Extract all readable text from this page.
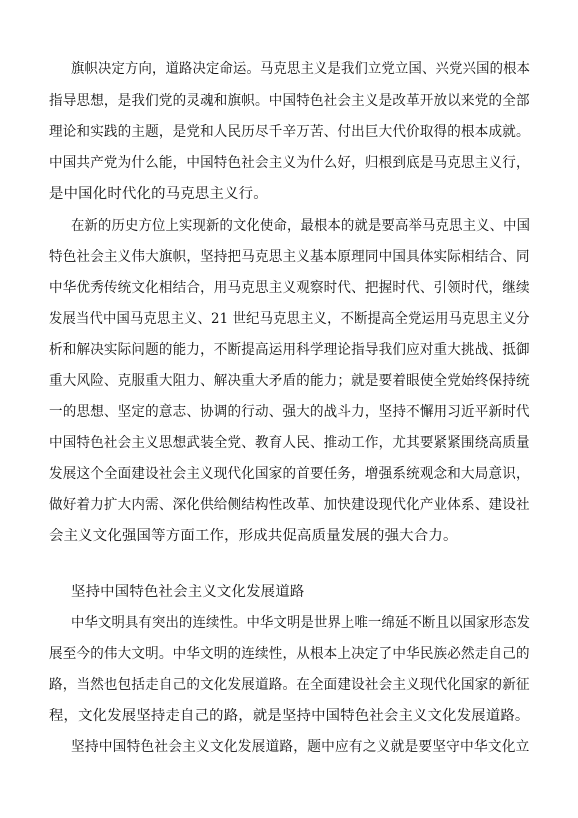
旗帜决定方向，道路决定命运。马克思主义是我们立党立国、兴党兴国的根本
指导思想，是我们党的灵魂和旗帜。中国特色社会主义是改革开放以来党的全部
理论和实践的主题，是党和人民历尽千辛万苦、付出巨大代价取得的根本成就。
中国共产党为什么能，中国特色社会主义为什么好，归根到底是马克思主义行，
是中国化时代化的马克思主义行。
在新的历史方位上实现新的文化使命，最根本的就是要高举马克思主义、中国
特色社会主义伟大旗帜，坚持把马克思主义基本原理同中国具体实际相结合、同
中华优秀传统文化相结合，用马克思主义观察时代、把握时代、引领时代，继续
发展当代中国马克思主义、21 世纪马克思主义，不断提高全党运用马克思主义分
析和解决实际问题的能力，不断提高运用科学理论指导我们应对重大挑战、抵御
重大风险、克服重大阻力、解决重大矛盾的能力；就是要着眼使全党始终保持统
一的思想、坚定的意志、协调的行动、强大的战斗力，坚持不懈用习近平新时代
中国特色社会主义思想武装全党、教育人民、推动工作，尤其要紧紧围绕高质量
发展这个全面建设社会主义现代化国家的首要任务，增强系统观念和大局意识，
做好着力扩大内需、深化供给侧结构性改革、加快建设现代化产业体系、建设社
会主义文化强国等方面工作，形成共促高质量发展的强大合力。
坚持中国特色社会主义文化发展道路
中华文明具有突出的连续性。中华文明是世界上唯一绵延不断且以国家形态发
展至今的伟大文明。中华文明的连续性，从根本上决定了中华民族必然走自己的
路，当然也包括走自己的文化发展道路。在全面建设社会主义现代化国家的新征
程，文化发展坚持走自己的路，就是坚持中国特色社会主义文化发展道路。
坚持中国特色社会主义文化发展道路，题中应有之义就是要坚守中华文化立
